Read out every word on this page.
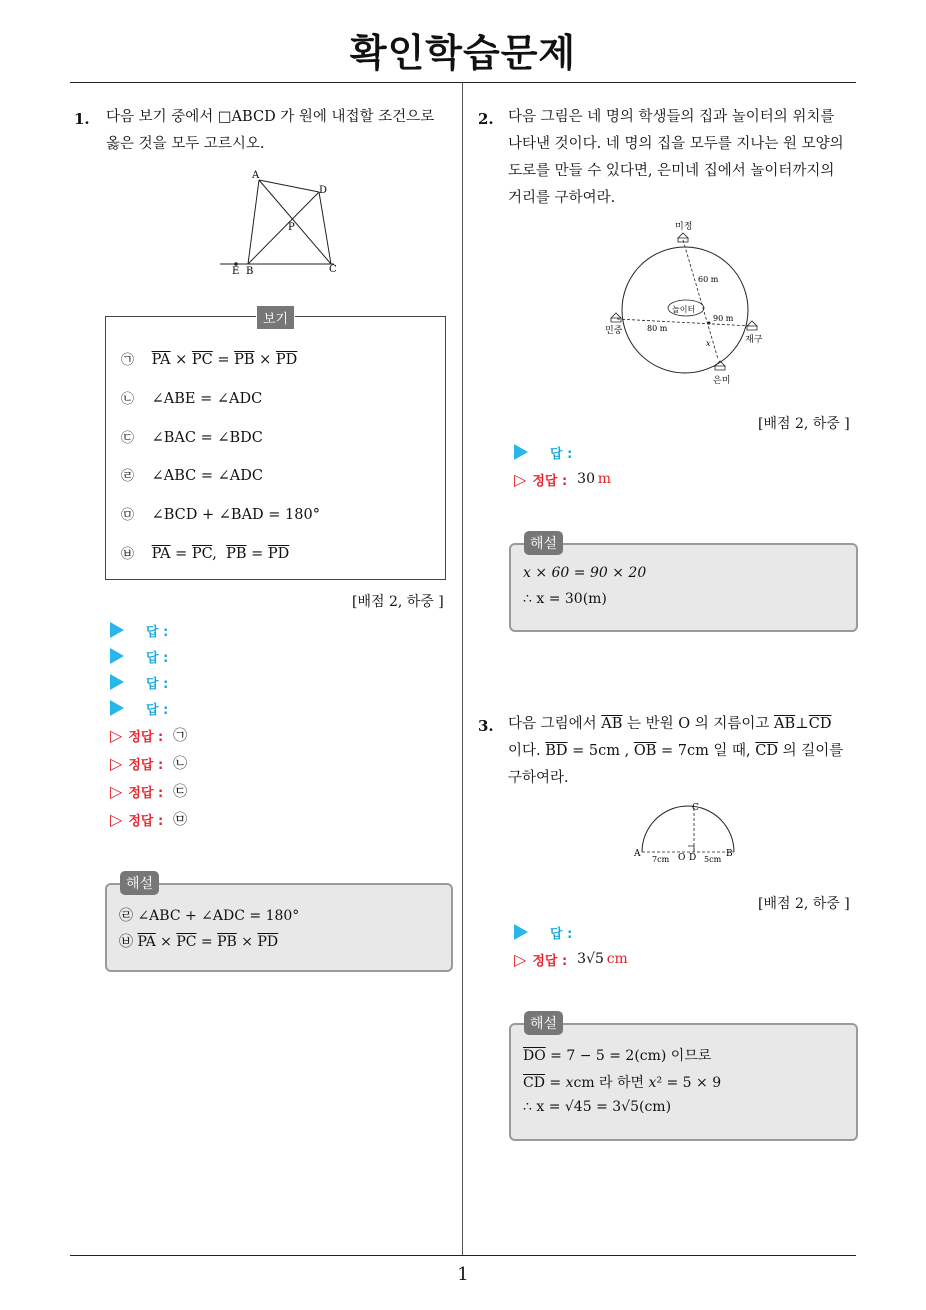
확인학습문제
1. 다음 보기 중에서 □ABCD 가 원에 내접할 조건으로
옳은 것을 모두 고르시오.
A
D
P
B	C
E
보기
㉠ $\overline{PA} \times \overline{PC} = \overline{PB} \times \overline{PD}$
㉡ ∠ABE = ∠ADC
㉢ ∠BAC = ∠BDC
㉣ ∠ABC = ∠ADC
㉤ ∠BCD + ∠BAD = 180°
㉥ $\overline{PA} = \overline{PC}$,  $\overline{PB} = \overline{PD}$
[배점 2, 하중 ]
답 :
답 :
답 :
답 :
▷ 정답 : ㉠
▷ 정답 : ㉡
▷ 정답 : ㉢
▷ 정답 : ㉤
㉣ ∠ABC + ∠ADC = 180°
㉥ $\overline{PA} \times \overline{PC} = \overline{PB} \times \overline{PD}$
해설
2. 다음 그림은 네 명의 학생들의 집과 놀이터의 위치를
나타낸 것이다. 네 명의 집을 모두를 지나는 원 모양의
도로를 만들 수 있다면, 은미네 집에서 놀이터까지의
거리를 구하여라.
미정
민중
재구
은미
놀이터
60 m
80 m
90 m
x
[배점 2, 하중 ]
답 :
▷ 정답 : 30
  m
x × 60 = 90 × 20
∴ x = 30(m)
해설
3. 다음 그림에서 $\overline{AB}$ 는 반원 O 의 지름이고 $\overline{AB}\perp\overline{CD}$
이다. $\overline{BD} = 5cm$ , $\overline{OB} = 7cm$ 일 때, $\overline{CD}$ 의 길이를
구하여라.
A	B
C
O D
7cm	5cm
[배점 2, 하중 ]
답 :
▷ 정답 : 3√5
  cm
$\overline{DO} = 7 - 5 = 2(cm)$ 이므로
$\overline{CD}$ = xcm 라 하면 x² = 5 × 9
∴ x = √45 = 3√5(cm)
해설
1
